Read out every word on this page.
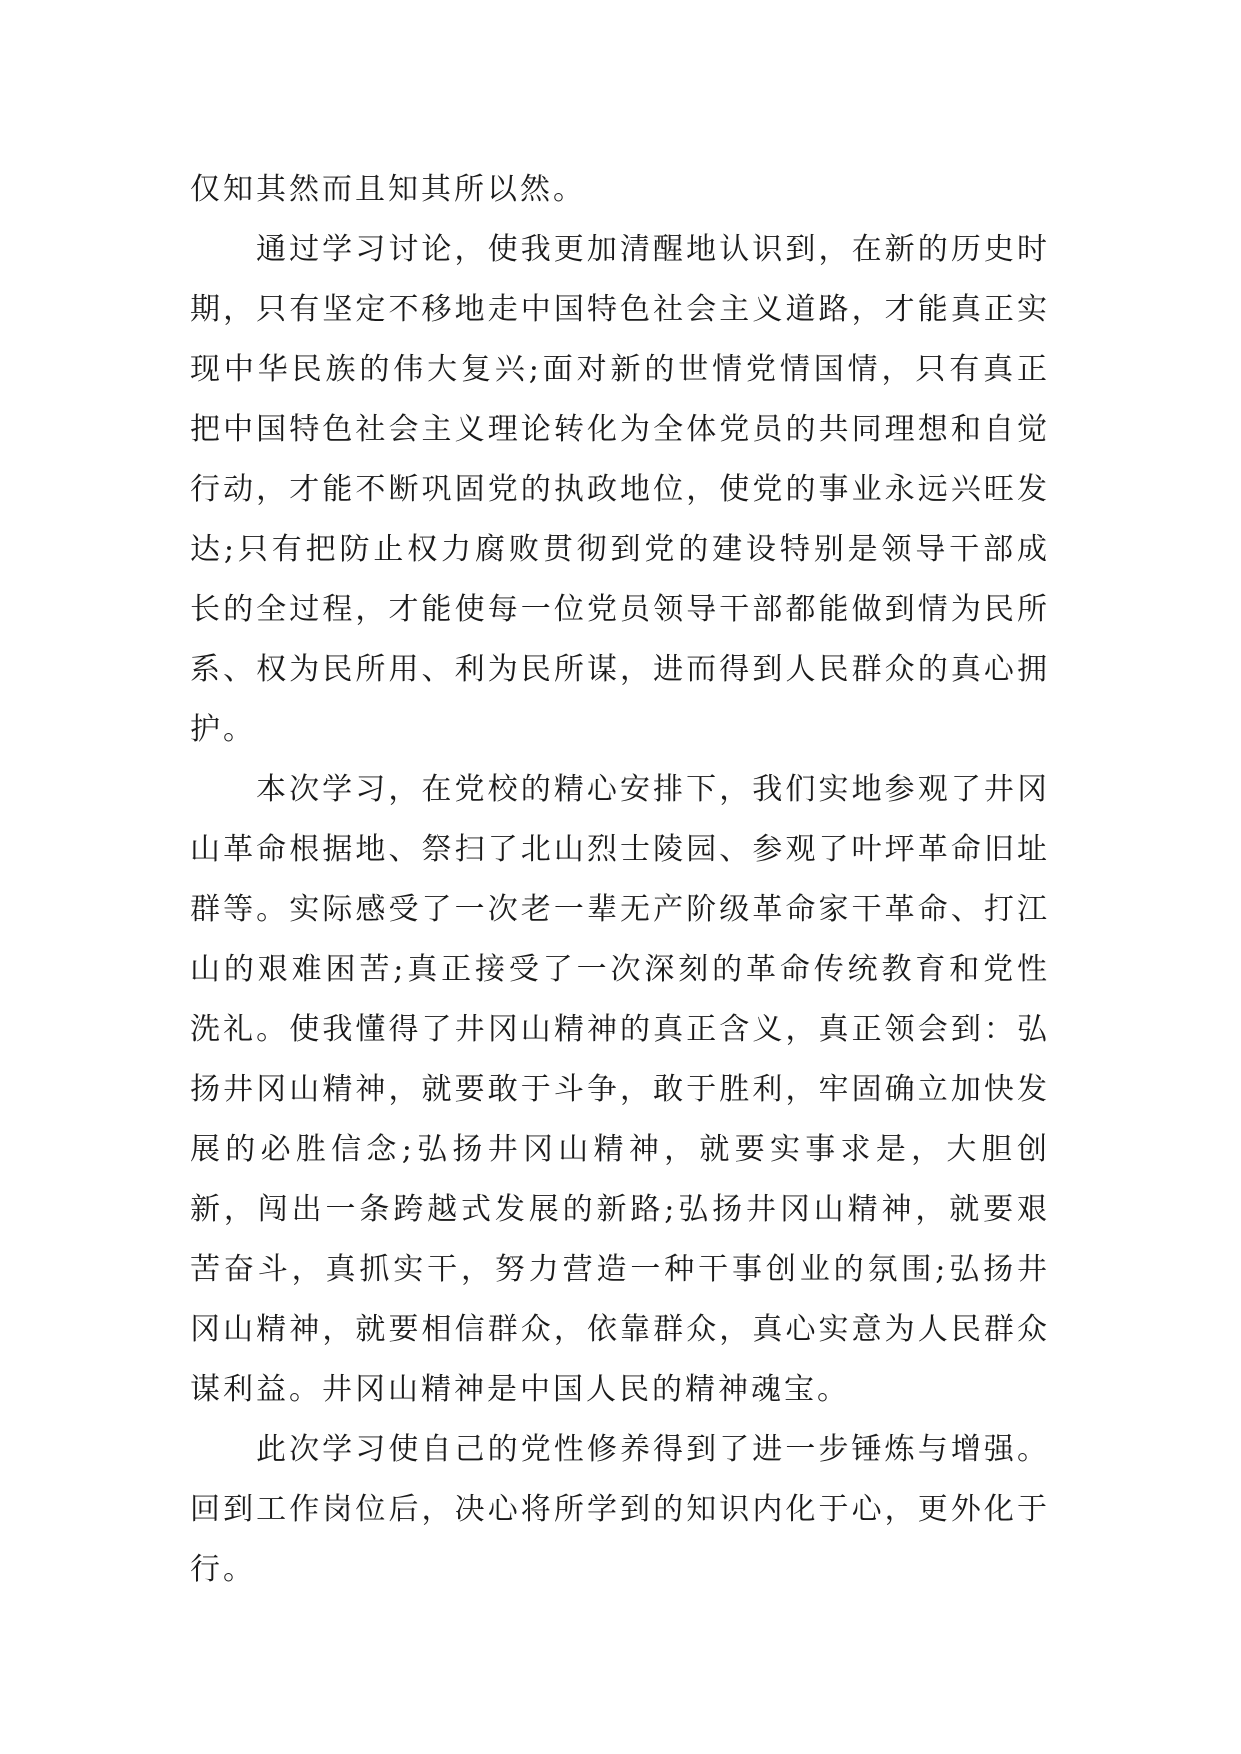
仅知其然而且知其所以然。

通过学习讨论，使我更加清醒地认识到，在新的历史时期，只有坚定不移地走中国特色社会主义道路，才能真正实现中华民族的伟大复兴;面对新的世情党情国情，只有真正把中国特色社会主义理论转化为全体党员的共同理想和自觉行动，才能不断巩固党的执政地位，使党的事业永远兴旺发达;只有把防止权力腐败贯彻到党的建设特别是领导干部成长的全过程，才能使每一位党员领导干部都能做到情为民所系、权为民所用、利为民所谋，进而得到人民群众的真心拥护。

本次学习，在党校的精心安排下，我们实地参观了井冈山革命根据地、祭扫了北山烈士陵园、参观了叶坪革命旧址群等。实际感受了一次老一辈无产阶级革命家干革命、打江山的艰难困苦;真正接受了一次深刻的革命传统教育和党性洗礼。使我懂得了井冈山精神的真正含义，真正领会到：弘扬井冈山精神，就要敢于斗争，敢于胜利，牢固确立加快发展的必胜信念;弘扬井冈山精神，就要实事求是，大胆创新，闯出一条跨越式发展的新路;弘扬井冈山精神，就要艰苦奋斗，真抓实干，努力营造一种干事创业的氛围;弘扬井冈山精神，就要相信群众，依靠群众，真心实意为人民群众谋利益。井冈山精神是中国人民的精神魂宝。

此次学习使自己的党性修养得到了进一步锤炼与增强。回到工作岗位后，决心将所学到的知识内化于心，更外化于行。
